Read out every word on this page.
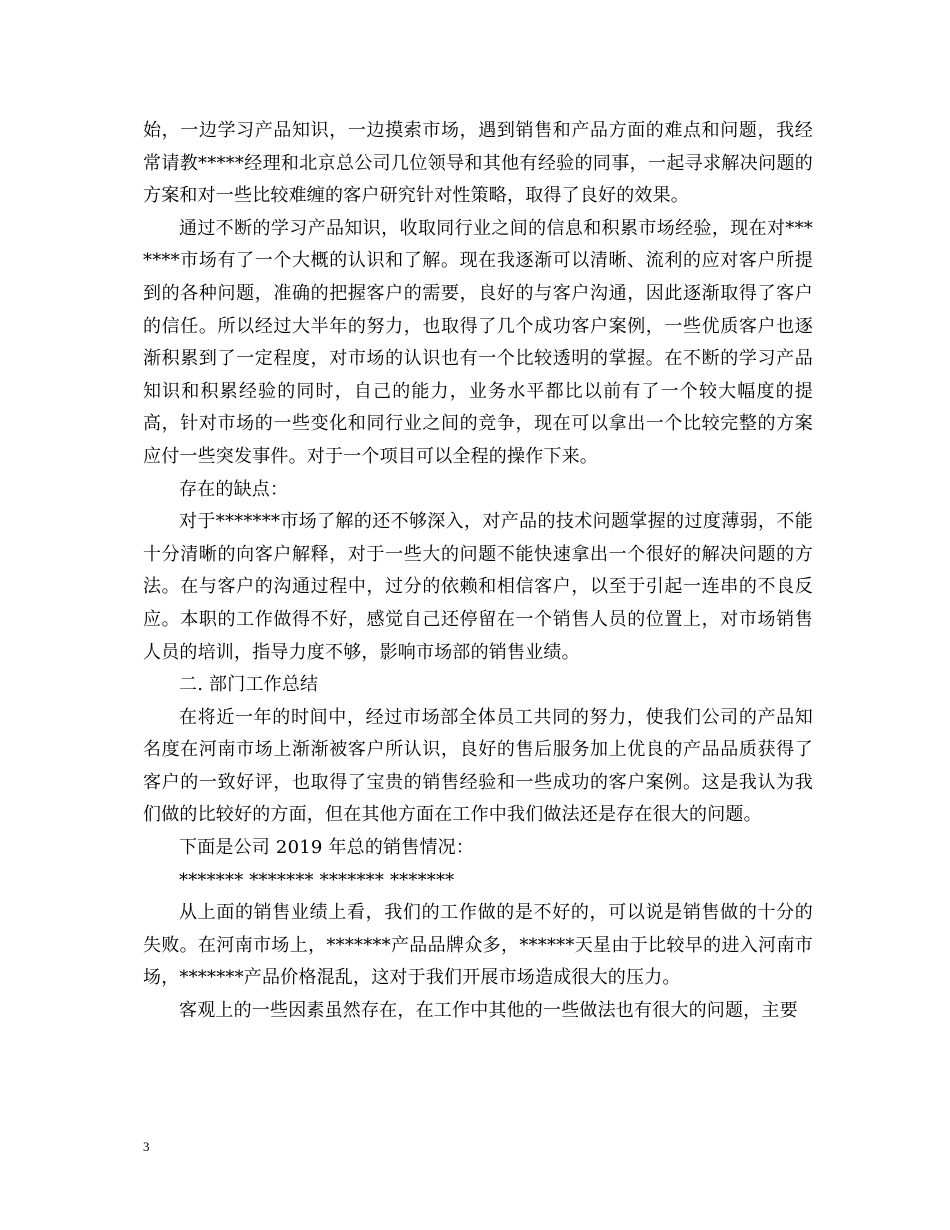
始，一边学习产品知识，一边摸索市场，遇到销售和产品方面的难点和问题，我经常请教*****经理和北京总公司几位领导和其他有经验的同事，一起寻求解决问题的方案和对一些比较难缠的客户研究针对性策略，取得了良好的效果。

通过不断的学习产品知识，收取同行业之间的信息和积累市场经验，现在对*******市场有了一个大概的认识和了解。现在我逐渐可以清晰、流利的应对客户所提到的各种问题，准确的把握客户的需要，良好的与客户沟通，因此逐渐取得了客户的信任。所以经过大半年的努力，也取得了几个成功客户案例，一些优质客户也逐渐积累到了一定程度，对市场的认识也有一个比较透明的掌握。在不断的学习产品知识和积累经验的同时，自己的能力，业务水平都比以前有了一个较大幅度的提高，针对市场的一些变化和同行业之间的竞争，现在可以拿出一个比较完整的方案应付一些突发事件。对于一个项目可以全程的操作下来。

存在的缺点：

对于*******市场了解的还不够深入，对产品的技术问题掌握的过度薄弱，不能十分清晰的向客户解释，对于一些大的问题不能快速拿出一个很好的解决问题的方法。在与客户的沟通过程中，过分的依赖和相信客户，以至于引起一连串的不良反应。本职的工作做得不好，感觉自己还停留在一个销售人员的位置上，对市场销售人员的培训，指导力度不够，影响市场部的销售业绩。

二. 部门工作总结

在将近一年的时间中，经过市场部全体员工共同的努力，使我们公司的产品知名度在河南市场上渐渐被客户所认识，良好的售后服务加上优良的产品品质获得了客户的一致好评，也取得了宝贵的销售经验和一些成功的客户案例。这是我认为我们做的比较好的方面，但在其他方面在工作中我们做法还是存在很大的问题。

下面是公司 2019 年总的销售情况：

******* ******* ******* *******

从上面的销售业绩上看，我们的工作做的是不好的，可以说是销售做的十分的失败。在河南市场上，*******产品品牌众多，******天星由于比较早的进入河南市场，*******产品价格混乱，这对于我们开展市场造成很大的压力。

客观上的一些因素虽然存在，在工作中其他的一些做法也有很大的问题，主要

3
